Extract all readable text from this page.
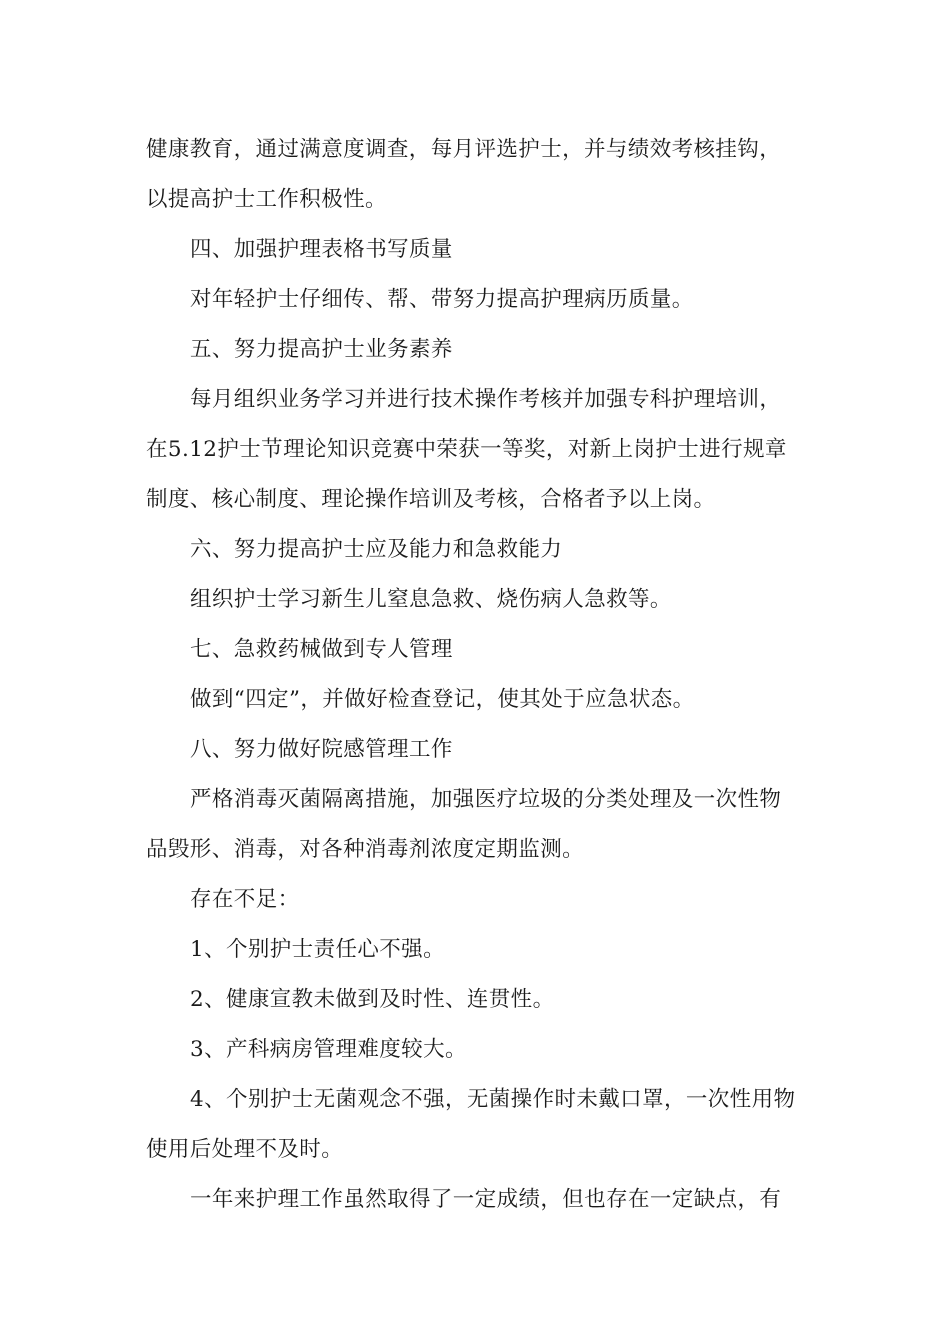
健康教育，通过满意度调查，每月评选护士，并与绩效考核挂钩，
以提高护士工作积极性。
四、加强护理表格书写质量
对年轻护士仔细传、帮、带努力提高护理病历质量。
五、努力提高护士业务素养
每月组织业务学习并进行技术操作考核并加强专科护理培训，
在5.12护士节理论知识竞赛中荣获一等奖，对新上岗护士进行规章
制度、核心制度、理论操作培训及考核，合格者予以上岗。
六、努力提高护士应及能力和急救能力
组织护士学习新生儿窒息急救、烧伤病人急救等。
七、急救药械做到专人管理
做到“四定”，并做好检查登记，使其处于应急状态。
八、努力做好院感管理工作
严格消毒灭菌隔离措施，加强医疗垃圾的分类处理及一次性物
品毁形、消毒，对各种消毒剂浓度定期监测。
存在不足：
1、个别护士责任心不强。
2、健康宣教未做到及时性、连贯性。
3、产科病房管理难度较大。
4、个别护士无菌观念不强，无菌操作时未戴口罩，一次性用物
使用后处理不及时。
一年来护理工作虽然取得了一定成绩，但也存在一定缺点，有
